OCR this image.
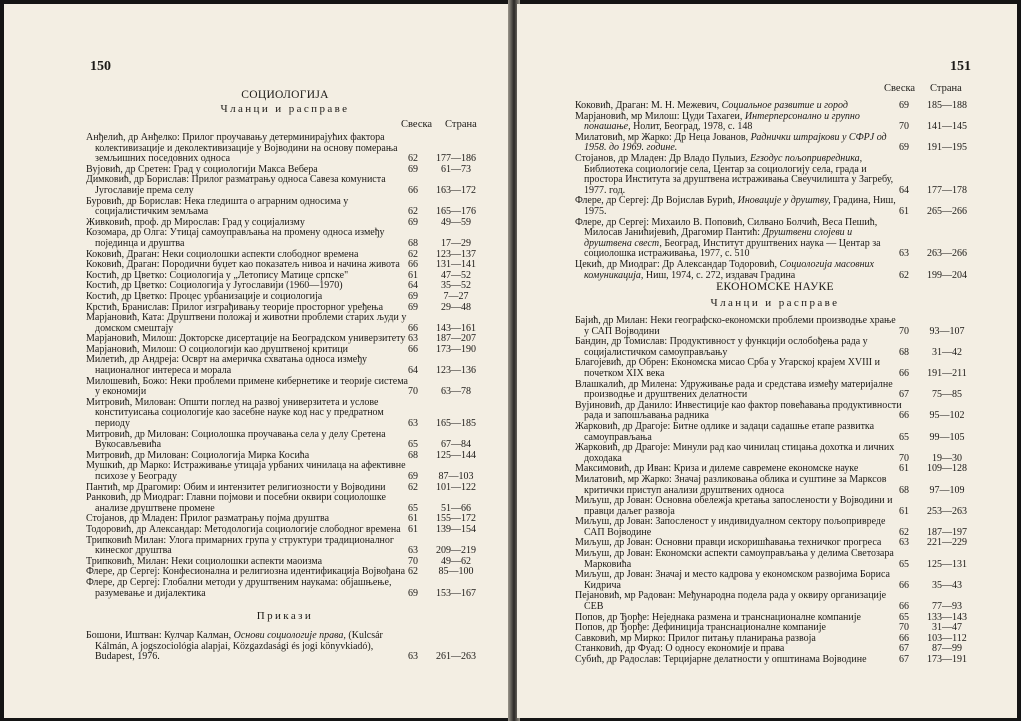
150
СОЦИОЛОГИЈА
Чланци и расправе
Свеска Страна
Анђелић, др Анђелко: Прилог проучавању детерминирајућих фактора колективизације и деколективизације у Војводини на основу померања земљишних поседовних односа	62	177—186
Вујовић, др Сретен: Град у социологији Макса Вебера	69	61—73
Димковић, др Борислав: Прилог разматрању односа Савеза комуниста Југославије према селу	66	163—172
Буровић, др Борислав: Нека гледишта о аграрним односима у социјалистичким земљама	62	165—176
Живковић, проф. др Мирослав: Град у социјализму	69	49—59
Козомара, др Олга: Утицај самоуправљања на промену односа између појединца и друштва	68	17—29
Коковић, Драган: Неки социолошки аспекти слободног времена	62	123—137
Коковић, Драган: Породични буџет као показатељ нивоа и начина живота 66	131—141
Костић, др Цветко: Социологија у „Летопису Матице српске"	61	47—52
Костић, др Цветко: Социологија у Југославији (1960—1970)	64	35—52
Костић, др Цветко: Процес урбанизације и социологија	69	7—27
Крстић, Бранислав: Прилог изграђивању теорије просторног уређења	69	29—48
Марјановић, Ката: Друштвени положај и животни проблеми старих људи у домском смештају	66	143—161
Марјановић, Милош: Докторске дисертације на Београдском универзитету 63	187—207
Марјановић, Милош: О социологији као друштвеној критици	66	173—190
Милетић, др Андреја: Осврт на америчка схватања односа између националног интереса и морала	64	123—136
Милошевић, Божо: Неки проблеми примене кибернетике и теорије система у економији	70	63—78
Митровић, Милован: Општи поглед на развој универзитета и услове конституисања социологије као засебне науке код нас у предратном периоду	63	165—185
Митровић, др Милован: Социолошка проучавања села у делу Сретена Вукосављевића	65	67—84
Митровић, др Милован: Социологија Мирка Косића	68	125—144
Мушкић, др Марко: Истраживање утицаја урбаних чинилаца на афективне психозе у Београду	69	87—103
Пантић, мр Драгомир: Обим и интензитет религиозности у Војводини	62	101—122
Ранковић, др Миодраг: Главни појмови и посебни оквири социолошке анализе друштвене промене	65	51—66
Стојанов, др Младен: Прилог разматрању појма друштва	61	155—172
Тодоровић, др Александар: Методологија социологије слободног времена 61	139—154
Трипковић Милан: Улога примарних група у структури традиционалног кинеског друштва	63	209—219
Трипковић, Милан: Неки социолошки аспекти маоизма	70	49—62
Флере, др Сергеј: Конфесионална и религиозна идентификација Војвођана 62	85—100
Флере, др Сергеј: Глобални методи у друштвеним наукама: објашњење, разумевање и дијалектика	69	153—167
Прикази
Бошони, Иштван: Кулчар Калман, Основи социологије права, (Kulcsár Kálmán, A jogszociológia alapjai, Közgazdasági és jogi könyvkiadó), Budapest, 1976.	63	261—263
151
Свеска Страна
Коковић, Драган: М. Н. Межевич, Социальное развитие и город	69	185—188
Марјановић, мр Милош: Цуди Тахагеи, Интерперсонално и групно понашање, Нолит, Београд, 1978, с. 148	70	141—145
Милатовић, мр Жарко: Др Неца Јованов, Раднички штрајкови у СФРЈ од 1958. до 1969. године.	69	191—195
Стоjанов, др Младен: Др Владо Пулыиз, Егзодус пољопривредника, Библиотека социологије села, Центар за социологију села, града и простора Института за друштвена истраживања Свеучилишта у Загребу, 1977. год.	64	177—178
Флере, др Сергеј: Др Војислав Бурић, Иновације у друштву, Градина, Ниш, 1975.	61	265—266
Флере, др Сергеј: Михаило В. Поповић, Силвано Болчић, Веса Пешић, Милосав Јанићијевић, Драгомир Пантић: Друштвени слојеви и друштвена свест, Београд, Институт друштвених наука — Центар за социолошка истраживања, 1977, с. 510	63	263—266
Цекић, др Миодраг: Др Александар Тодоровић, Социологија масовних комуникација, Ниш, 1974, с. 272, издавач Градина	62	199—204
ЕКОНОМСКЕ НАУКЕ
Чланци и расправе
Бајић, др Милан: Неки географско-економски проблеми производње храње у САП Војводини	70	93—107
Бандин, др Томислав: Продуктивност у функцији ослобођења рада у социјалистичком самоуправљању	68	31—42
Благојевић, др Обрен: Економска мисао Срба у Угарској крајем XVIII и почетком XIX века	66	191—211
Влашкалић, др Милена: Удруживање рада и средстава између материјалне производње и друштвених делатности	67	75—85
Вујиновић, др Данило: Инвестиције као фактор повећавања продуктивности рада и запошљавања радника	66	95—102
Жарковић, др Драгоје: Битне одлике и задаци садашње етапе развитка самоуправљања	65	99—105
Жарковић, др Драгоје: Минули рад као чинилац стицања дохотка и личних доходака	70	19—30
Максимовић, др Иван: Криза и дилеме савремене економске науке	61	109—128
Милатовић, мр Жарко: Значај разликовања облика и суштине за Марксов критички приступ анализи друштвених односа	68	97—109
Миљуш, др Јован: Основна обележја кретања запослености у Војводини и правци даљег развоја	61	253—263
Миљуш, др Јован: Запосленост у индивидуалном сектору пољопривреде САП Војводине	62	187—197
Миљуш, др Јован: Основни правци искоришћавања техничког прогреса	63	221—229
Миљуш, др Јован: Економски аспекти самоуправљања у делима Светозара Марковића	65	125—131
Миљуш, др Јован: Значај и место кадрова у економском развојима Бориса Кидрича	66	35—43
Пејановић, мр Радован: Међународна подела рада у оквиру организације СЕВ	66	77—93
Попов, др Ђорђе: Неједнака размена и транснационалне компаније	65	133—143
Попов, др Ђорђе: Дефиниција транснационалне компаније	70	31—47
Савковић, мр Мирко: Прилог питању планирања развоја	66	103—112
Станковић, др Фуад: О односу економије и права	67	87—99
Субић, др Радослав: Терцијарне делатности у општинама Војводине	67	173—191
